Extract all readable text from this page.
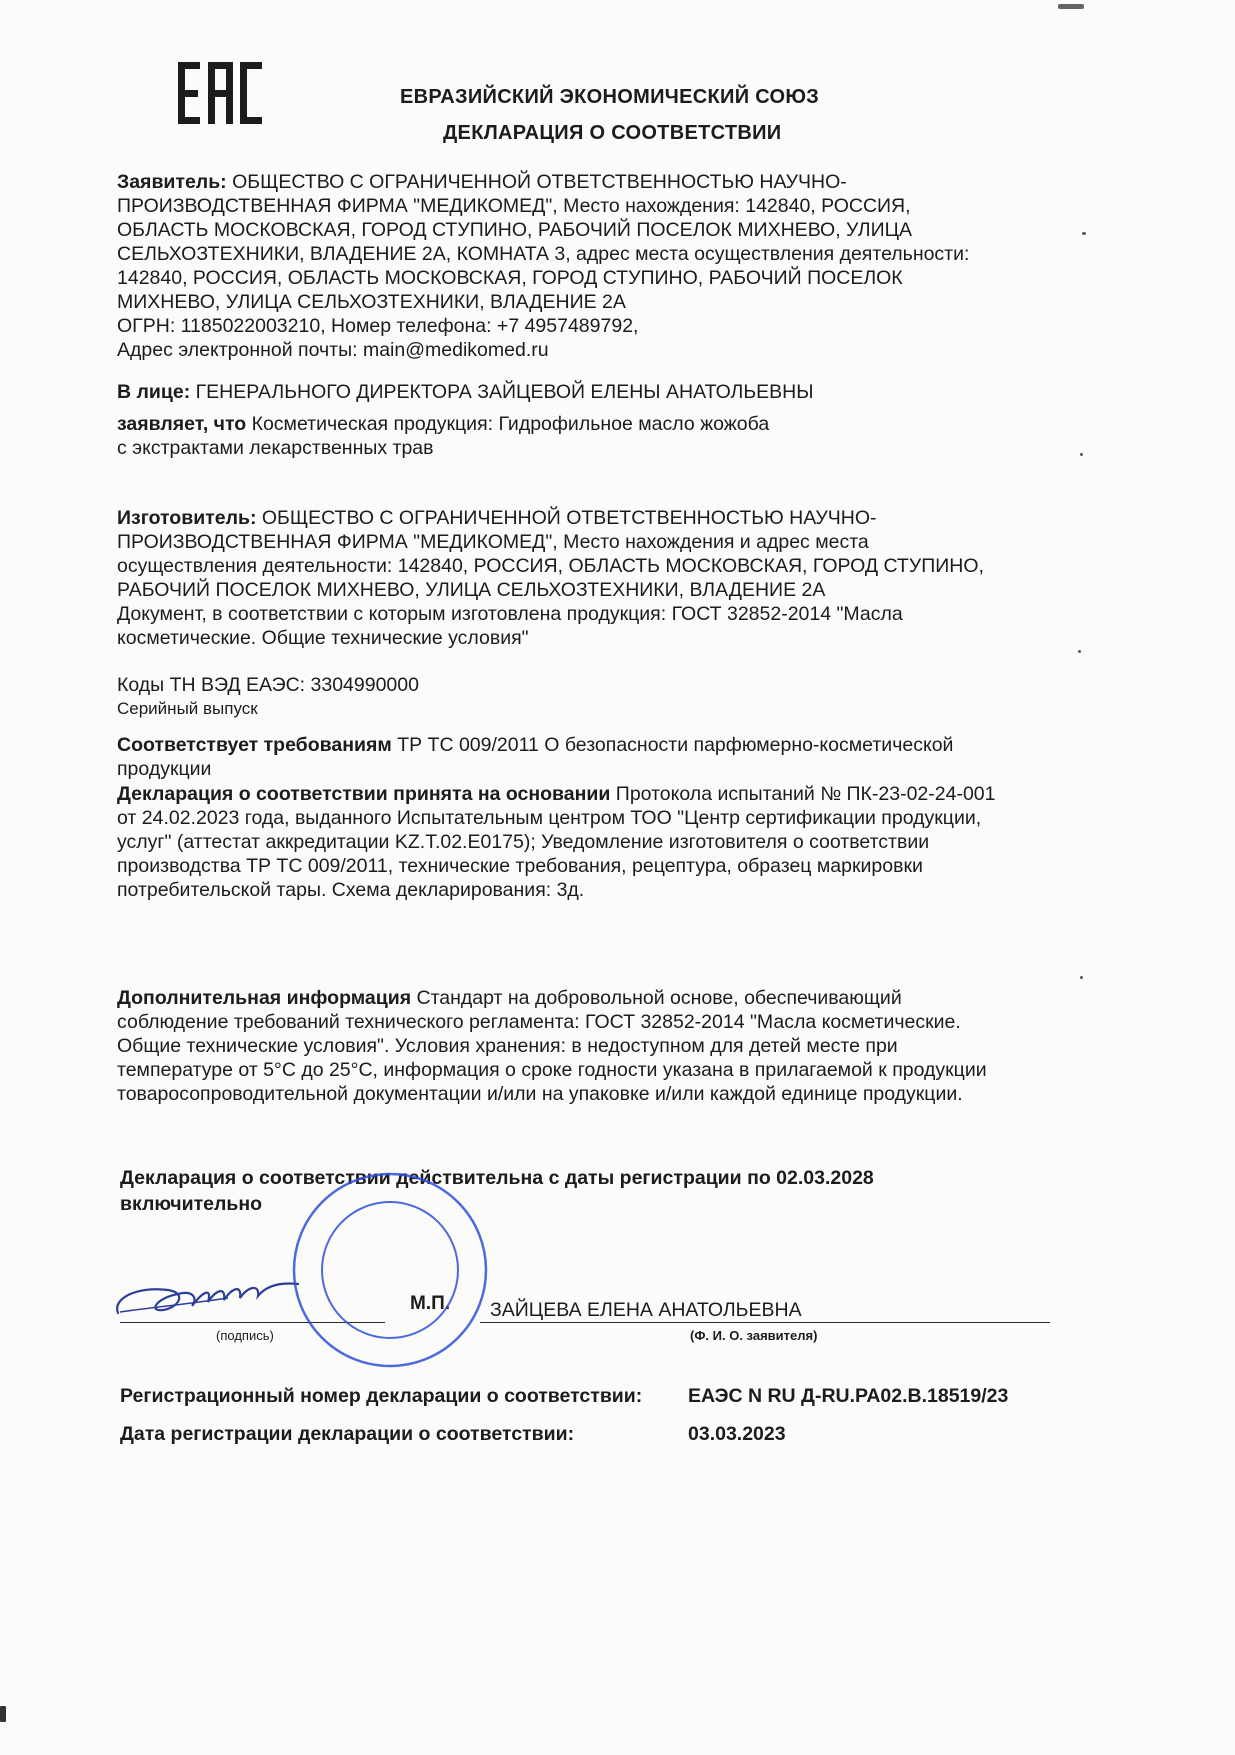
ЕВРАЗИЙСКИЙ ЭКОНОМИЧЕСКИЙ СОЮЗ
ДЕКЛАРАЦИЯ О СООТВЕТСТВИИ
Заявитель: ОБЩЕСТВО С ОГРАНИЧЕННОЙ ОТВЕТСТВЕННОСТЬЮ НАУЧНО-
ПРОИЗВОДСТВЕННАЯ ФИРМА "МЕДИКОМЕД", Место нахождения: 142840, РОССИЯ,
ОБЛАСТЬ МОСКОВСКАЯ, ГОРОД СТУПИНО, РАБОЧИЙ ПОСЕЛОК МИХНЕВО, УЛИЦА
СЕЛЬХОЗТЕХНИКИ, ВЛАДЕНИЕ 2А, КОМНАТА 3, адрес места осуществления деятельности:
142840, РОССИЯ, ОБЛАСТЬ МОСКОВСКАЯ, ГОРОД СТУПИНО, РАБОЧИЙ ПОСЕЛОК
МИХНЕВО, УЛИЦА СЕЛЬХОЗТЕХНИКИ, ВЛАДЕНИЕ 2А
ОГРН: 1185022003210, Номер телефона: +7 4957489792,
Адрес электронной почты: main@medikomed.ru
В лице: ГЕНЕРАЛЬНОГО ДИРЕКТОРА ЗАЙЦЕВОЙ ЕЛЕНЫ АНАТОЛЬЕВНЫ
заявляет, что Косметическая продукция: Гидрофильное масло жожоба
с экстрактами лекарственных трав
Изготовитель: ОБЩЕСТВО С ОГРАНИЧЕННОЙ ОТВЕТСТВЕННОСТЬЮ НАУЧНО-
ПРОИЗВОДСТВЕННАЯ ФИРМА "МЕДИКОМЕД", Место нахождения и адрес места
осуществления деятельности: 142840, РОССИЯ, ОБЛАСТЬ МОСКОВСКАЯ, ГОРОД СТУПИНО,
РАБОЧИЙ ПОСЕЛОК МИХНЕВО, УЛИЦА СЕЛЬХОЗТЕХНИКИ, ВЛАДЕНИЕ 2А
Документ, в соответствии с которым изготовлена продукция: ГОСТ 32852-2014 "Масла
косметические. Общие технические условия"
Коды ТН ВЭД ЕАЭС: 3304990000
Серийный выпуск
Соответствует требованиям ТР ТС 009/2011 О безопасности парфюмерно-косметической
продукции
Декларация о соответствии принята на основании Протокола испытаний № ПК-23-02-24-001
от 24.02.2023 года, выданного Испытательным центром ТОО "Центр сертификации продукции,
услуг" (аттестат аккредитации KZ.T.02.E0175); Уведомление изготовителя о соответствии
производства ТР ТС 009/2011, технические требования, рецептура, образец маркировки
потребительской тары. Схема декларирования: 3д.
Дополнительная информация Стандарт на добровольной основе, обеспечивающий
соблюдение требований технического регламента: ГОСТ 32852-2014 "Масла косметические.
Общие технические условия". Условия хранения: в недоступном для детей месте при
температуре от 5°С до 25°С, информация о сроке годности указана в прилагаемой к продукции
товаросопроводительной документации и/или на упаковке и/или каждой единице продукции.
Декларация о соответствии действительна с даты регистрации по 02.03.2028
включительно
(подпись)
М.П. ЗАЙЦЕВА ЕЛЕНА АНАТОЛЬЕВНА
(Ф. И. О. заявителя)
Регистрационный номер декларации о соответствии: ЕАЭС N RU Д-RU.РА02.В.18519/23
Дата регистрации декларации о соответствии:	03.03.2023
